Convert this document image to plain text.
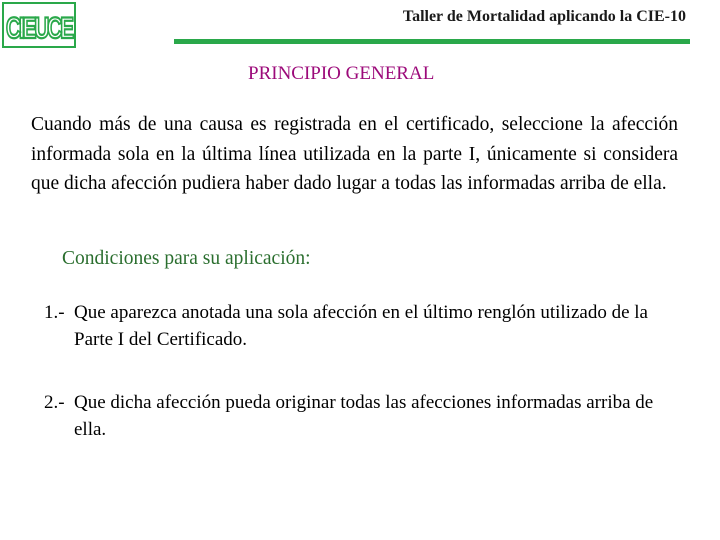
CIEUCE	Taller de Mortalidad aplicando la CIE-10
PRINCIPIO GENERAL
Cuando más de una causa es registrada en el certificado, seleccione la afección informada sola en la última línea utilizada en la parte I, únicamente si considera que dicha afección pudiera haber dado lugar a todas las informadas arriba de ella.
Condiciones para su aplicación:
1.- Que aparezca anotada una sola afección en el último renglón utilizado de la Parte I del Certificado.
2.- Que dicha afección pueda originar todas las afecciones informadas arriba de ella.
